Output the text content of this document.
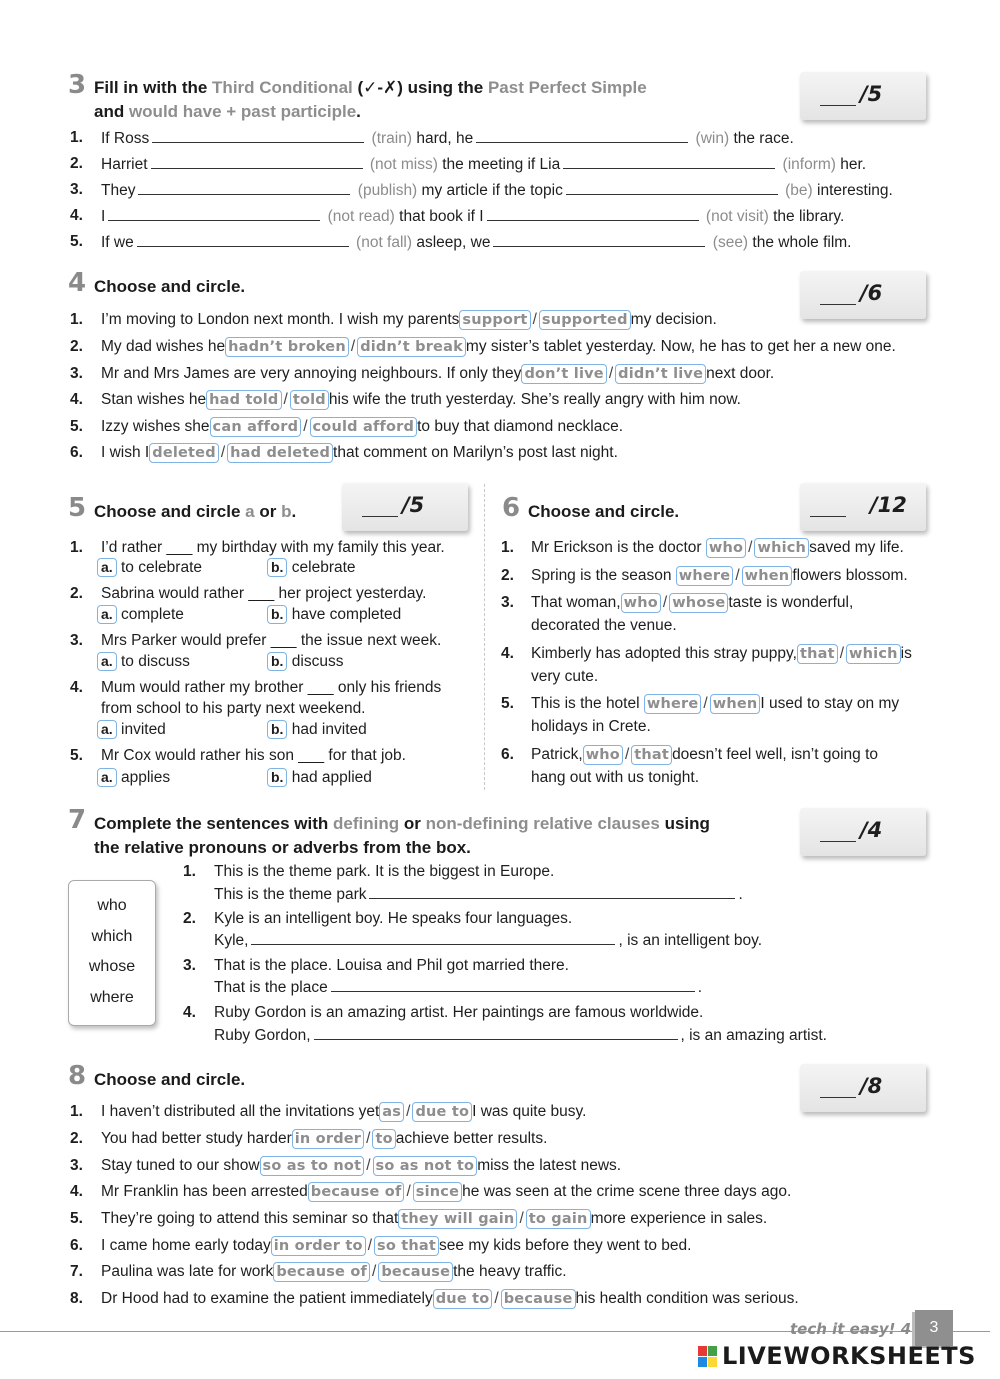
3 Fill in with the Third Conditional (✓-✗) using the Past Perfect Simple
and would have + past participle.
/5
1. If Ross	(train) hard, he	(win) the race.
2. Harriet	(not miss) the meeting if Lia	(inform) her.
3. They	(publish) my article if the topic	(be) interesting.
4. I	(not read) that book if I	(not visit) the library.
5. If we	(not fall) asleep, we	(see) the whole film.
4 Choose and circle.	/6
1. I’m moving to London next month. I wish my parents support / supported my decision.
2. My dad wishes he hadn’t broken / didn’t break my sister’s tablet yesterday. Now, he has to get her a new one.
3. Mr and Mrs James are very annoying neighbours. If only they don’t live / didn’t live next door.
4. Stan wishes he had told / told his wife the truth yesterday. She’s really angry with him now.
5. Izzy wishes she can afford / could afford to buy that diamond necklace.
6. I wish I deleted / had deleted that comment on Marilyn’s post last night.
5 Choose and circle a or b.	/5
1. I’d rather ___ my birthday with my family this year.
a. to celebrate	b. celebrate
2. Sabrina would rather ___ her project yesterday.
a. complete	b. have completed
3. Mrs Parker would prefer ___ the issue next week.
a. to discuss	b. discuss
4. Mum would rather my brother ___ only his friends
from school to his party next weekend.
a. invited	b. had invited
5. Mr Cox would rather his son ___ for that job.
a. applies	b. had applied
6 Choose and circle.	/12
1. Mr Erickson is the doctor who / which saved my life.
2. Spring is the season where / when flowers blossom.
3. That woman, who / whose taste is wonderful,
decorated the venue.
4. Kimberly has adopted this stray puppy, that / which is
very cute.
5. This is the hotel where / when I used to stay on my
holidays in Crete.
6. Patrick, who / that doesn’t feel well, isn’t going to
hang out with us tonight.
7 Complete the sentences with defining or non-defining relative clauses using
the relative pronouns or adverbs from the box.
/4
who
which
whose
where
1. This is the theme park. It is the biggest in Europe.
This is the theme park	.
2. Kyle is an intelligent boy. He speaks four languages.
Kyle,	, is an intelligent boy.
3. That is the place. Louisa and Phil got married there.
That is the place	.
4. Ruby Gordon is an amazing artist. Her paintings are famous worldwide.
Ruby Gordon,	, is an amazing artist.
8 Choose and circle.	/8
1. I haven’t distributed all the invitations yet as / due to I was quite busy.
2. You had better study harder in order / to achieve better results.
3. Stay tuned to our show so as to not / so as not to miss the latest news.
4. Mr Franklin has been arrested because of / since he was seen at the crime scene three days ago.
5. They’re going to attend this seminar so that they will gain / to gain more experience in sales.
6. I came home early today in order to / so that see my kids before they went to bed.
7. Paulina was late for work because of / because the heavy traffic.
8. Dr Hood had to examine the patient immediately due to / because his health condition was serious.
tech it easy! 4	3
LIVEWORKSHEETS
